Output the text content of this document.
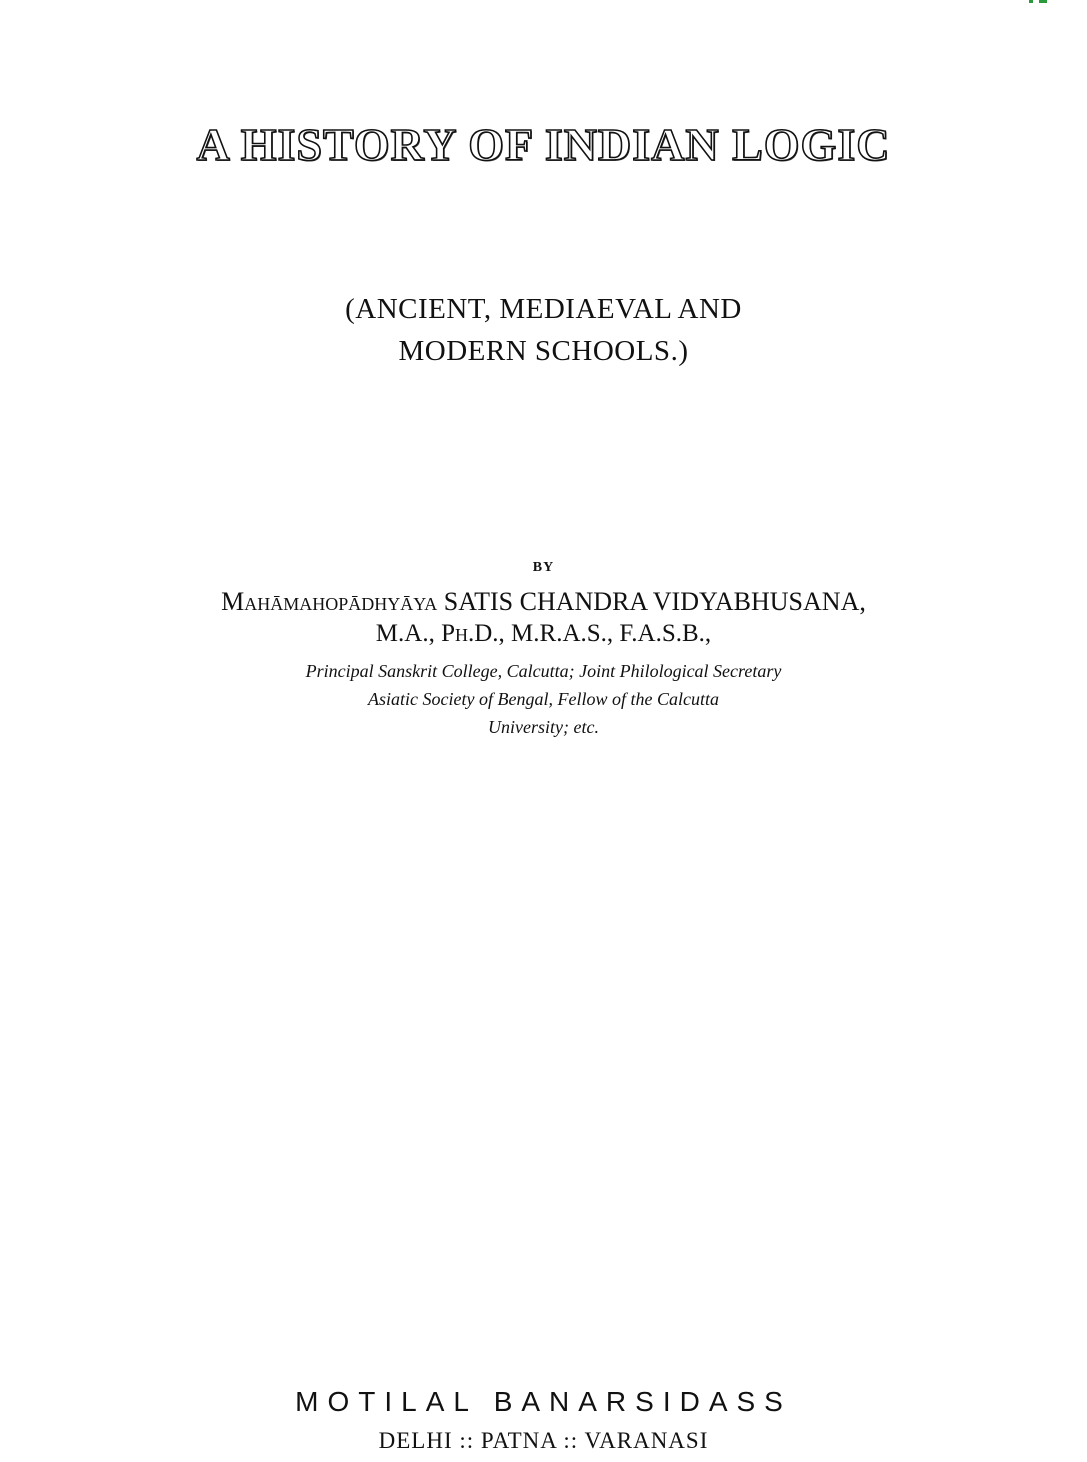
A HISTORY OF INDIAN LOGIC
(ANCIENT, MEDIAEVAL AND
MODERN SCHOOLS.)
BY
Mahāmahopādhyāya SATIS CHANDRA VIDYABHUSANA,
M.A., Ph.D., M.R.A.S., F.A.S.B.,
Principal Sanskrit College, Calcutta; Joint Philological Secretary
Asiatic Society of Bengal, Fellow of the Calcutta
University; etc.
MOTILAL BANARSIDASS
DELHI :: PATNA :: VARANASI
